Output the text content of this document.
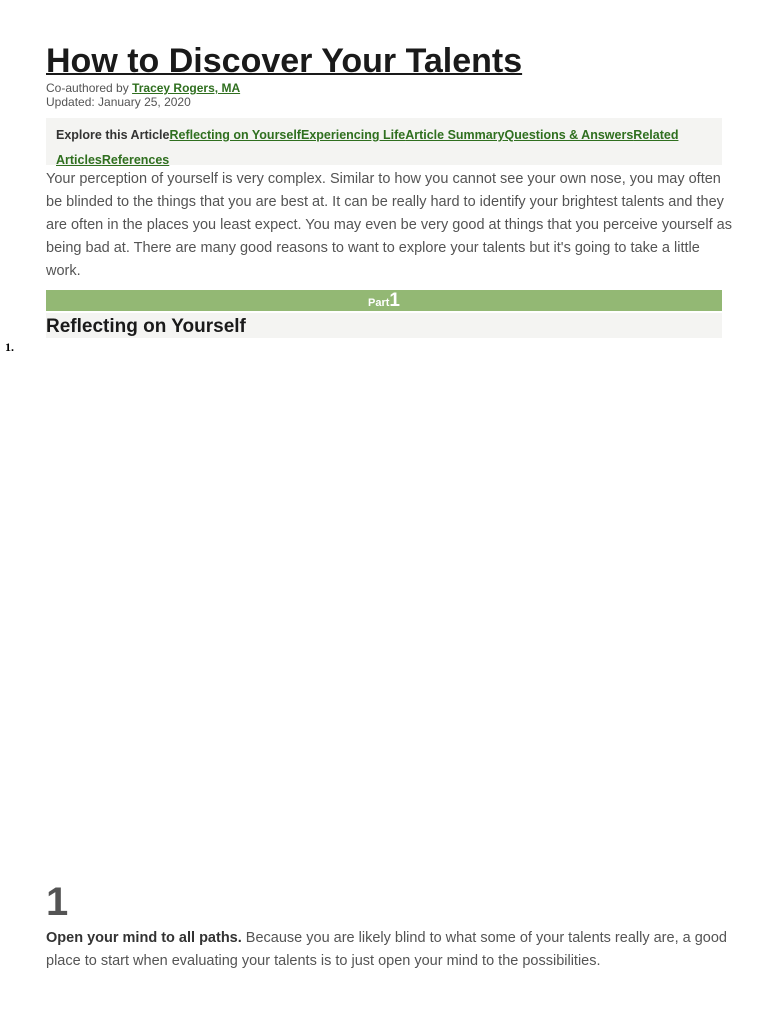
How to Discover Your Talents
Co-authored by Tracey Rogers, MA
Updated: January 25, 2020
Explore this ArticleReflecting on YourselfExperiencing LifeArticle SummaryQuestions & AnswersRelated ArticlesReferences

Your perception of yourself is very complex. Similar to how you cannot see your own nose, you may often be blinded to the things that you are best at. It can be really hard to identify your brightest talents and they are often in the places you least expect. You may even be very good at things that you perceive yourself as being bad at. There are many good reasons to want to explore your talents but it's going to take a little work.

Part1
Reflecting on Yourself
1.
1

Open your mind to all paths. Because you are likely blind to what some of your talents really are, a good place to start when evaluating your talents is to just open your mind to the possibilities.
